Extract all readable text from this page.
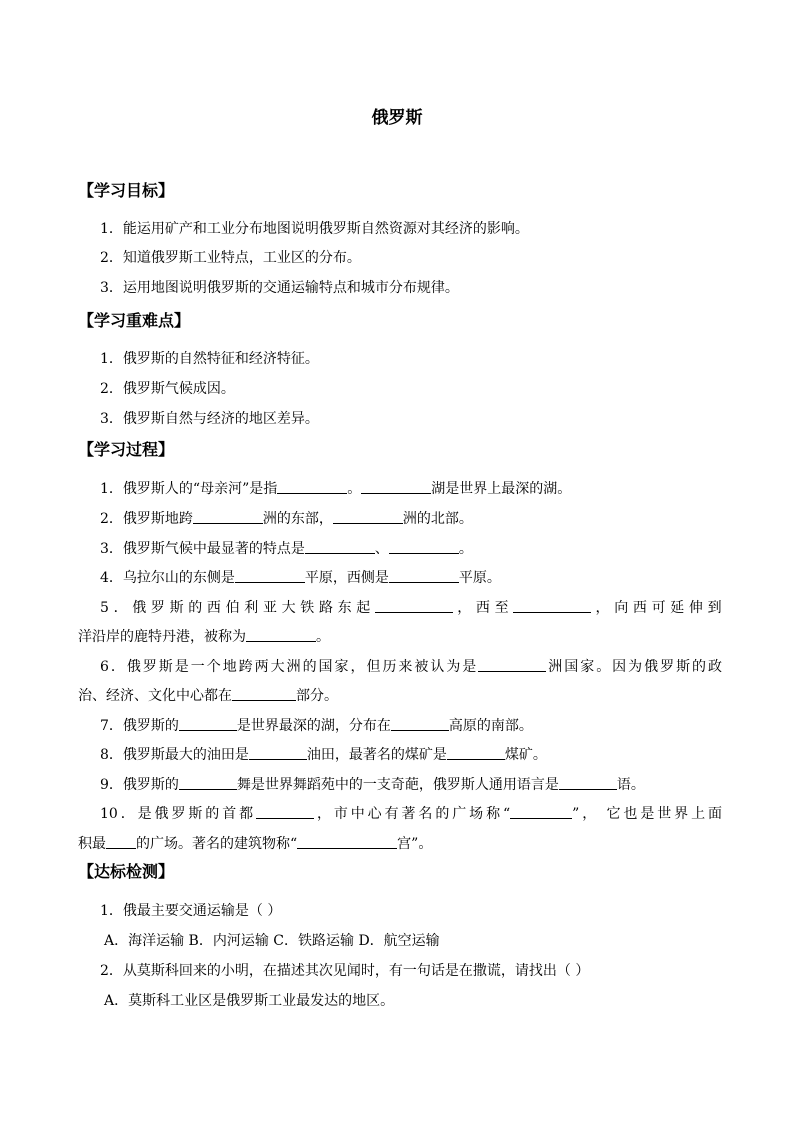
俄罗斯
【学习目标】
1．能运用矿产和工业分布地图说明俄罗斯自然资源对其经济的影响。
2．知道俄罗斯工业特点，工业区的分布。
3．运用地图说明俄罗斯的交通运输特点和城市分布规律。
【学习重难点】
1．俄罗斯的自然特征和经济特征。
2．俄罗斯气候成因。
3．俄罗斯自然与经济的地区差异。
【学习过程】
1．俄罗斯人的“母亲河”是指	。	湖是世界上最深的湖。
2．俄罗斯地跨	洲的东部，	洲的北部。
3．俄罗斯气候中最显著的特点是	、	。
4．乌拉尔山的东侧是	平原，西侧是	平原。
5．俄罗斯的西伯利亚大铁路东起	，西至	，向西可延伸到
洋沿岸的鹿特丹港，被称为	。
6．俄罗斯是一个地跨两大洲的国家，但历来被认为是	洲国家。因为俄罗斯的政
治、经济、文化中心都在	部分。
7．俄罗斯的	是世界最深的湖，分布在	高原的南部。
8．俄罗斯最大的油田是	油田，最著名的煤矿是	煤矿。
9．俄罗斯的	舞是世界舞蹈苑中的一支奇葩，俄罗斯人通用语言是	语。
10．是俄罗斯的首都	，市中心有著名的广场称“	”， 它也是世界上面
积最 的广场。著名的建筑物称“	宫”。
【达标检测】
1．俄最主要交通运输是（ ）
A．海洋运输 B．内河运输 C．铁路运输 D．航空运输
2．从莫斯科回来的小明，在描述其次见闻时，有一句话是在撒谎，请找出（ ）
A．莫斯科工业区是俄罗斯工业最发达的地区。
